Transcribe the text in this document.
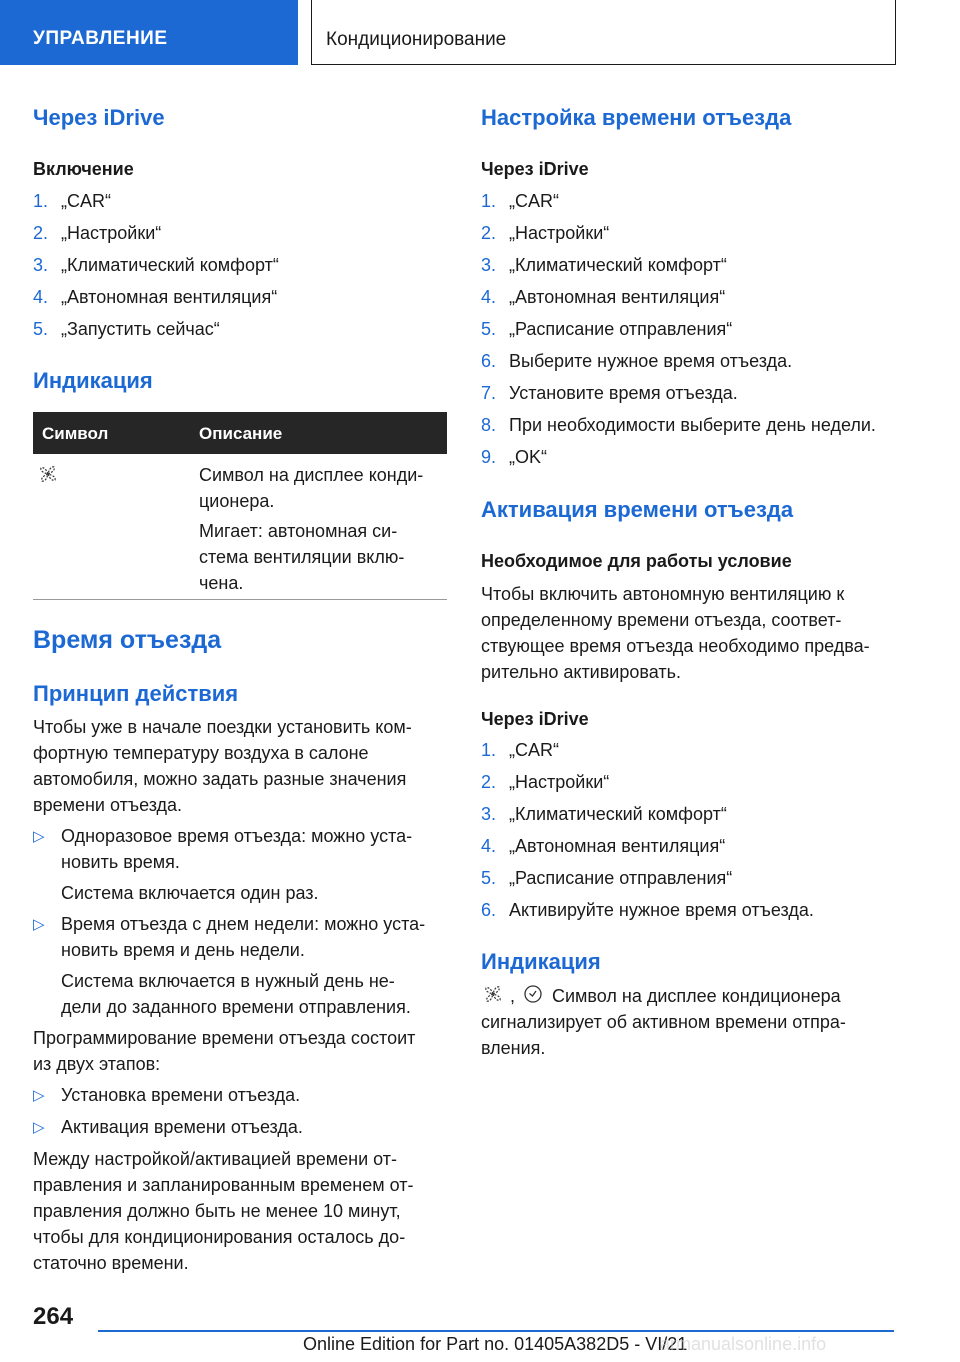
УПРАВЛЕНИЕ	Кондиционирование
Через iDrive
Включение
1. „CAR“
2. „Настройки“
3. „Климатический комфорт“
4. „Автономная вентиляция“
5. „Запустить сейчас“
Индикация
Символ	Описание
Символ на дисплее конди-
ционера.
Мигает: автономная си-
стема вентиляции вклю-
чена.
Время отъезда
Принцип действия
Чтобы уже в начале поездки установить ком-
фортную температуру воздуха в салоне
автомобиля, можно задать разные значения
времени отъезда.
▷ Одноразовое время отъезда: можно уста-
новить время.
Система включается один раз.
▷ Время отъезда с днем недели: можно уста-
новить время и день недели.
Система включается в нужный день не-
дели до заданного времени отправления.
Программирование времени отъезда состоит
из двух этапов:
▷ Установка времени отъезда.
▷ Активация времени отъезда.
Между настройкой/активацией времени от-
правления и запланированным временем от-
правления должно быть не менее 10 минут,
чтобы для кондиционирования осталось до-
статочно времени.
Настройка времени отъезда
Через iDrive
1. „CAR“
2. „Настройки“
3. „Климатический комфорт“
4. „Автономная вентиляция“
5. „Расписание отправления“
6. Выберите нужное время отъезда.
7. Установите время отъезда.
8. При необходимости выберите день недели.
9. „OK“
Активация времени отъезда
Необходимое для работы условие
Чтобы включить автономную вентиляцию к
определенному времени отъезда, соответ-
ствующее время отъезда необходимо предва-
рительно активировать.
Через iDrive
1. „CAR“
2. „Настройки“
3. „Климатический комфорт“
4. „Автономная вентиляция“
5. „Расписание отправления“
6. Активируйте нужное время отъезда.
Индикация
, Символ на дисплее кондиционера
сигнализирует об активном времени отпра-
вления.
264
Online Edition for Part no. 01405A382D5 - VI/21
armanualsonline.info
